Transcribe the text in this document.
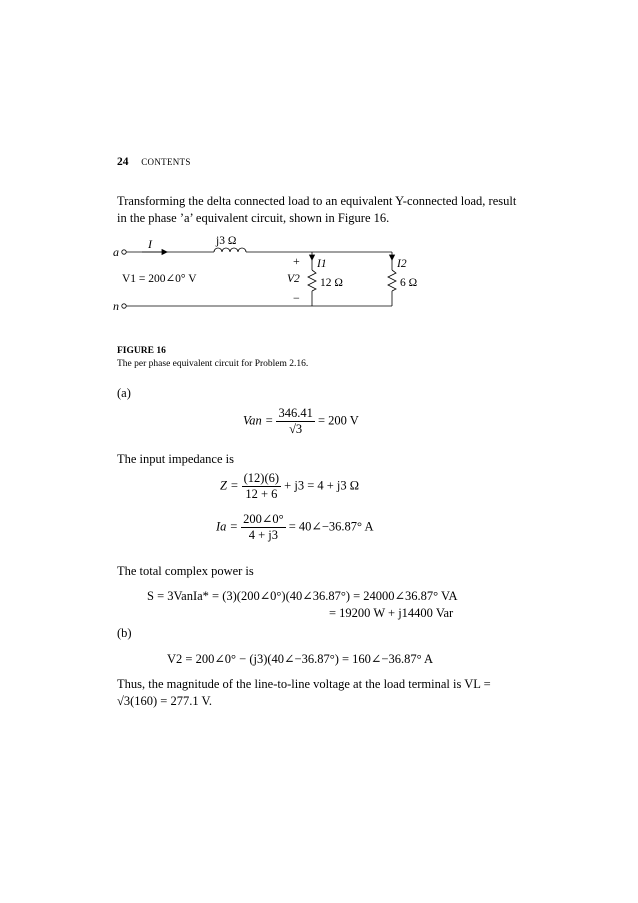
24 CONTENTS
Transforming the delta connected load to an equivalent Y-connected load, result in the phase ’a’ equivalent circuit, shown in Figure 16.
a
n
I	j3 Ω
V1 = 200∠0° V
+
V2
−
I1
12 Ω
I2
6 Ω
FIGURE 16
The per phase equivalent circuit for Problem 2.16.
(a)
Van = $\frac{346.41}{√3} = 200$ V
The input impedance is
$Z = \frac{(12)(6)}{12 + 6} + j3 = 4 + j3$ Ω
$Ia = \frac{200\angle 0^\circ}{4 + j3}$ = 40∠−36.87° A
The total complex power is
S = 3VanIa* = (3)(200∠0°)(40∠36.87°) = 24000∠36.87° VA
= 19200 W + j14400 Var
(b)
V2 = 200∠0° − (j3)(40∠−36.87°) = 160∠−36.87° A
Thus, the magnitude of the line-to-line voltage at the load terminal is VL = √3(160) = 277.1 V.
